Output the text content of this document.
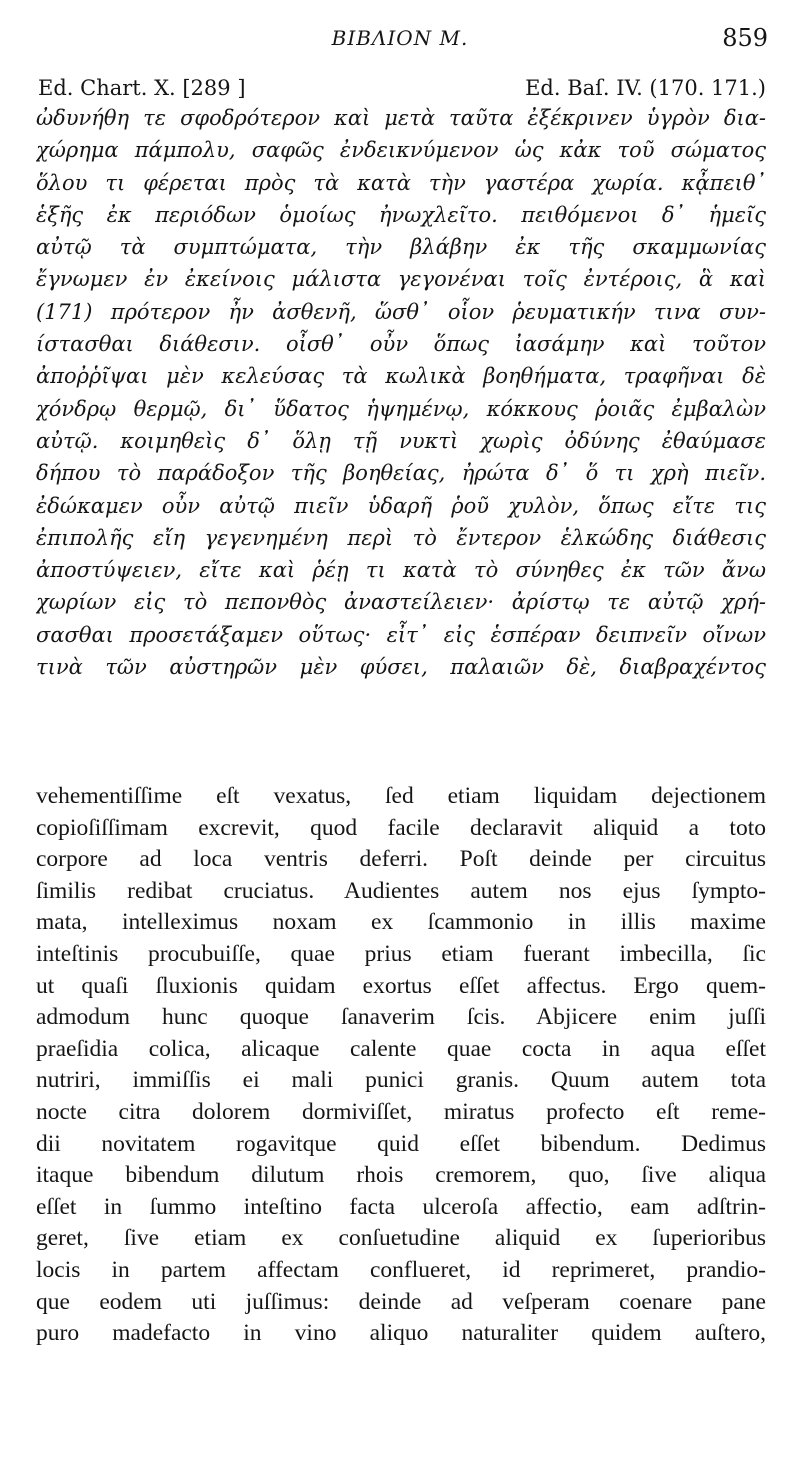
BIBΛΙΟΝ Μ.	859
Ed. Chart. X. [289 ]	Ed. Baſ. IV. (170. 171.)
ὠδυνήθη τε σφοδρότερον καὶ μετὰ ταῦτα ἐξέκρινεν ὑγρὸν δια-
χώρημα πάμπολυ, σαφῶς ἐνδεικνύμενον ὡς κἀκ τοῦ σώματος
ὅλου τι φέρεται πρὸς τὰ κατὰ τὴν γαστέρα χωρία. κᾆπειθ᾽
ἑξῆς ἐκ περιόδων ὁμοίως ἠνωχλεῖτο. πειθόμενοι δ᾽ ἡμεῖς
αὐτῷ τὰ συμπτώματα, τὴν βλάβην ἐκ τῆς σκαμμωνίας
ἔγνωμεν ἐν ἐκείνοις μάλιστα γεγονέναι τοῖς ἐντέροις, ἃ καὶ
(171) πρότερον ἦν ἀσθενῆ, ὥσθ᾽ οἷον ῥευματικήν τινα συν-
ίστασθαι διάθεσιν. οἶσθ᾽ οὖν ὅπως ἰασάμην καὶ τοῦτον
ἀποῤῥῖψαι μὲν κελεύσας τὰ κωλικὰ βοηθήματα, τραφῆναι δὲ
χόνδρῳ θερμῷ, δι᾽ ὕδατος ἡψημένῳ, κόκκους ῥοιᾶς ἐμβαλὼν
αὐτῷ. κοιμηθεὶς δ᾽ ὅλῃ τῇ νυκτὶ χωρὶς ὀδύνης ἐθαύμασε
δήπου τὸ παράδοξον τῆς βοηθείας, ἠρώτα δ᾽ ὅ τι χρὴ πιεῖν.
ἐδώκαμεν οὖν αὐτῷ πιεῖν ὑδαρῆ ῥοῦ χυλὸν, ὅπως εἴτε τις
ἐπιπολῆς εἴη γεγενημένη περὶ τὸ ἔντερον ἑλκώδης διάθεσις
ἀποστύψειεν, εἴτε καὶ ῥέῃ τι κατὰ τὸ σύνηθες ἐκ τῶν ἄνω
χωρίων εἰς τὸ πεπονθὸς ἀναστείλειεν· ἀρίστῳ τε αὐτῷ χρή-
σασθαι προσετάξαμεν οὕτως· εἶτ᾽ εἰς ἑσπέραν δειπνεῖν οἴνων
τινὰ τῶν αὐστηρῶν μὲν φύσει, παλαιῶν δὲ, διαβραχέντος
vehementiſſime eſt vexatus, ſed etiam liquidam dejectionem
copioſiſſimam excrevit, quod facile declaravit aliquid a toto
corpore ad loca ventris deferri. Poſt deinde per circuitus
ſimilis redibat cruciatus. Audientes autem nos ejus ſympto-
mata, intelleximus noxam ex ſcammonio in illis maxime
inteſtinis procubuiſſe, quae prius etiam fuerant imbecilla, ſic
ut quaſi ſluxionis quidam exortus eſſet affectus. Ergo quem-
admodum hunc quoque ſanaverim ſcis. Abjicere enim juſſi
praeſidia colica, alicaque calente quae cocta in aqua eſſet
nutriri, immiſſis ei mali punici granis. Quum autem tota
nocte citra dolorem dormiviſſet, miratus profecto eſt reme-
dii novitatem rogavitque quid eſſet bibendum. Dedimus
itaque bibendum dilutum rhois cremorem, quo, ſive aliqua
eſſet in ſummo inteſtino facta ulceroſa affectio, eam adſtrin-
geret, ſive etiam ex conſuetudine aliquid ex ſuperioribus
locis in partem affectam conflueret, id reprimeret, prandio-
que eodem uti juſſimus: deinde ad veſperam coenare pane
puro madefacto in vino aliquo naturaliter quidem auſtero,
